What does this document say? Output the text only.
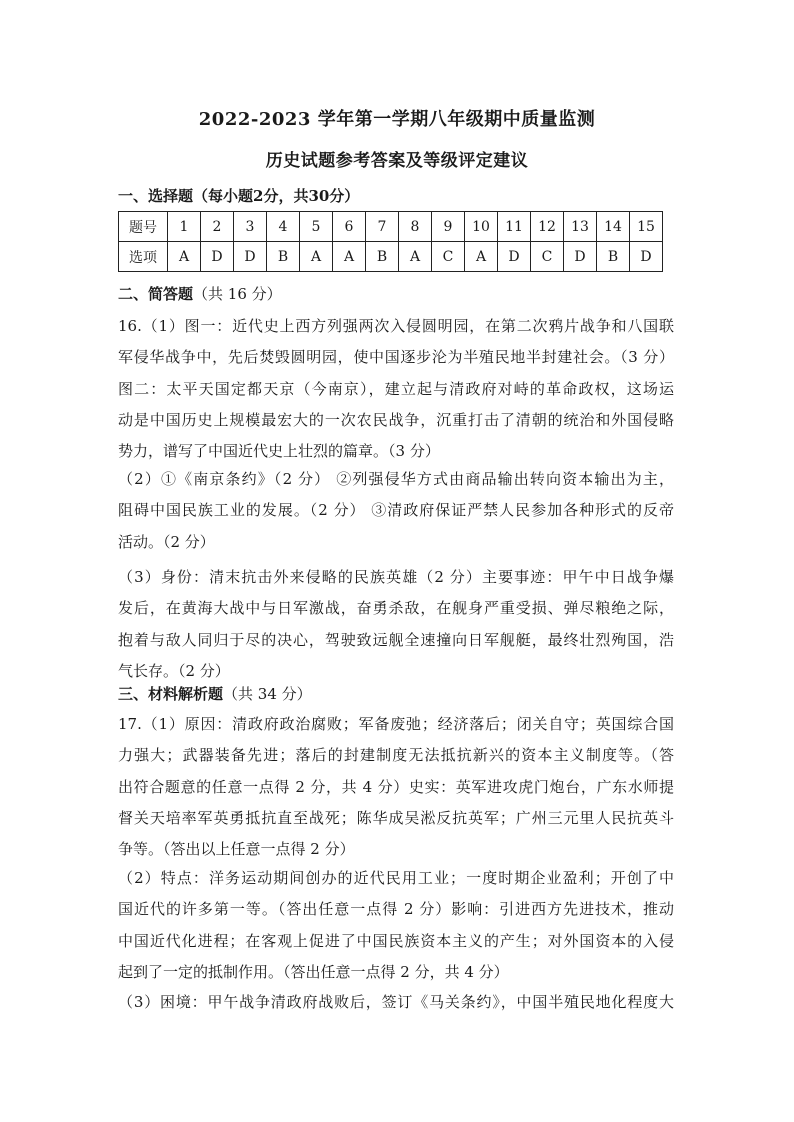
2022-2023 学年第一学期八年级期中质量监测
历史试题参考答案及等级评定建议
一、选择题（每小题2分，共30分）
题号	1	2	3	4	5	6	7	8	9	10	11	12	13	14	15
选项	A	D	D	B	A	A	B	A	C	A	D	C	D	B	D
二、简答题（共 16 分）
16.（1）图一：近代史上西方列强两次入侵圆明园，在第二次鸦片战争和八国联
军侵华战争中，先后焚毁圆明园，使中国逐步沦为半殖民地半封建社会。（3 分）
图二：太平天国定都天京（今南京），建立起与清政府对峙的革命政权，这场运
动是中国历史上规模最宏大的一次农民战争，沉重打击了清朝的统治和外国侵略
势力，谱写了中国近代史上壮烈的篇章。（3 分）
（2）①《南京条约》（2 分） ②列强侵华方式由商品输出转向资本输出为主，
阻碍中国民族工业的发展。（2 分） ③清政府保证严禁人民参加各种形式的反帝
活动。（2 分）
（3）身份：清末抗击外来侵略的民族英雄（2 分）主要事迹：甲午中日战争爆
发后，在黄海大战中与日军激战，奋勇杀敌，在舰身严重受损、弹尽粮绝之际，
抱着与敌人同归于尽的决心，驾驶致远舰全速撞向日军舰艇，最终壮烈殉国，浩
气长存。（2 分）
三、材料解析题（共 34 分）
17.（1）原因：清政府政治腐败；军备废弛；经济落后；闭关自守；英国综合国
力强大；武器装备先进；落后的封建制度无法抵抗新兴的资本主义制度等。（答
出符合题意的任意一点得 2 分，共 4 分）史实：英军进攻虎门炮台，广东水师提
督关天培率军英勇抵抗直至战死；陈华成吴淞反抗英军；广州三元里人民抗英斗
争等。（答出以上任意一点得 2 分）
（2）特点：洋务运动期间创办的近代民用工业；一度时期企业盈利；开创了中
国近代的许多第一等。（答出任意一点得 2 分）影响：引进西方先进技术，推动
中国近代化进程；在客观上促进了中国民族资本主义的产生；对外国资本的入侵
起到了一定的抵制作用。（答出任意一点得 2 分，共 4 分）
（3）困境：甲午战争清政府战败后，签订《马关条约》，中国半殖民地化程度大
